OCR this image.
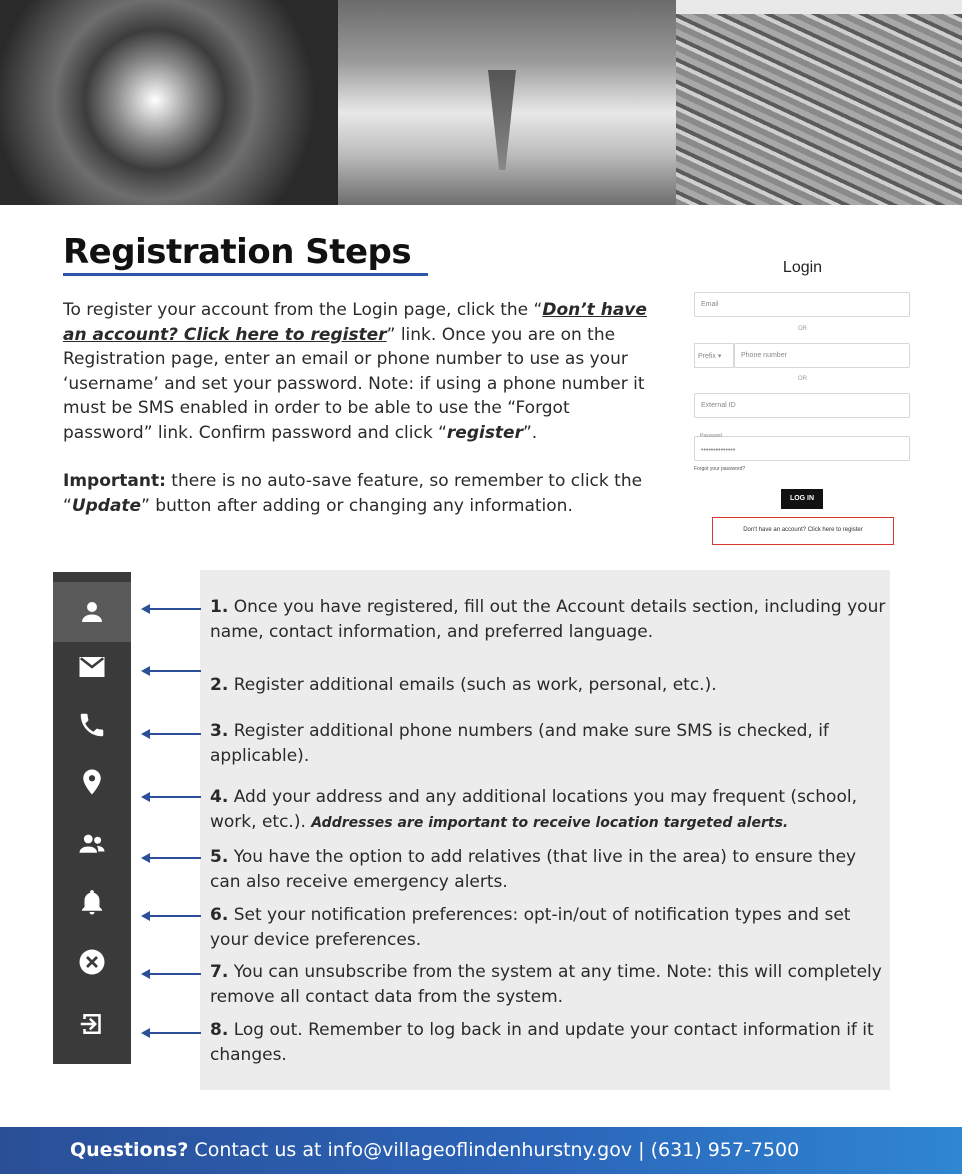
Registration Steps

To register your account from the Login page, click the “Don’t have an account? Click here to register” link. Once you are on the Registration page, enter an email or phone number to use as your ‘username’ and set your password. Note: if using a phone number it must be SMS enabled in order to be able to use the “Forgot password” link. Confirm password and click “register”.

Important: there is no auto-save feature, so remember to click the “Update” button after adding or changing any information.

Login
Email
OR
Prefix ▾	Phone number
OR
External ID
••••••••••••••
Password
Forgot your password?
LOG IN
Don't have an account? Click here to register
1. Once you have registered, fill out the Account details section, including your name, contact information, and preferred language.
2. Register additional emails (such as work, personal, etc.).
3. Register additional phone numbers (and make sure SMS is checked, if applicable).
4. Add your address and any additional locations you may frequent (school, work, etc.). Addresses are important to receive location targeted alerts.
5. You have the option to add relatives (that live in the area) to ensure they can also receive emergency alerts.
6. Set your notification preferences: opt-in/out of notification types and set your device preferences.
7. You can unsubscribe from the system at any time. Note: this will completely remove all contact data from the system.
8. Log out. Remember to log back in and update your contact information if it changes.
Questions? Contact us at info@villageoflindenhurstny.gov | (631) 957-7500
